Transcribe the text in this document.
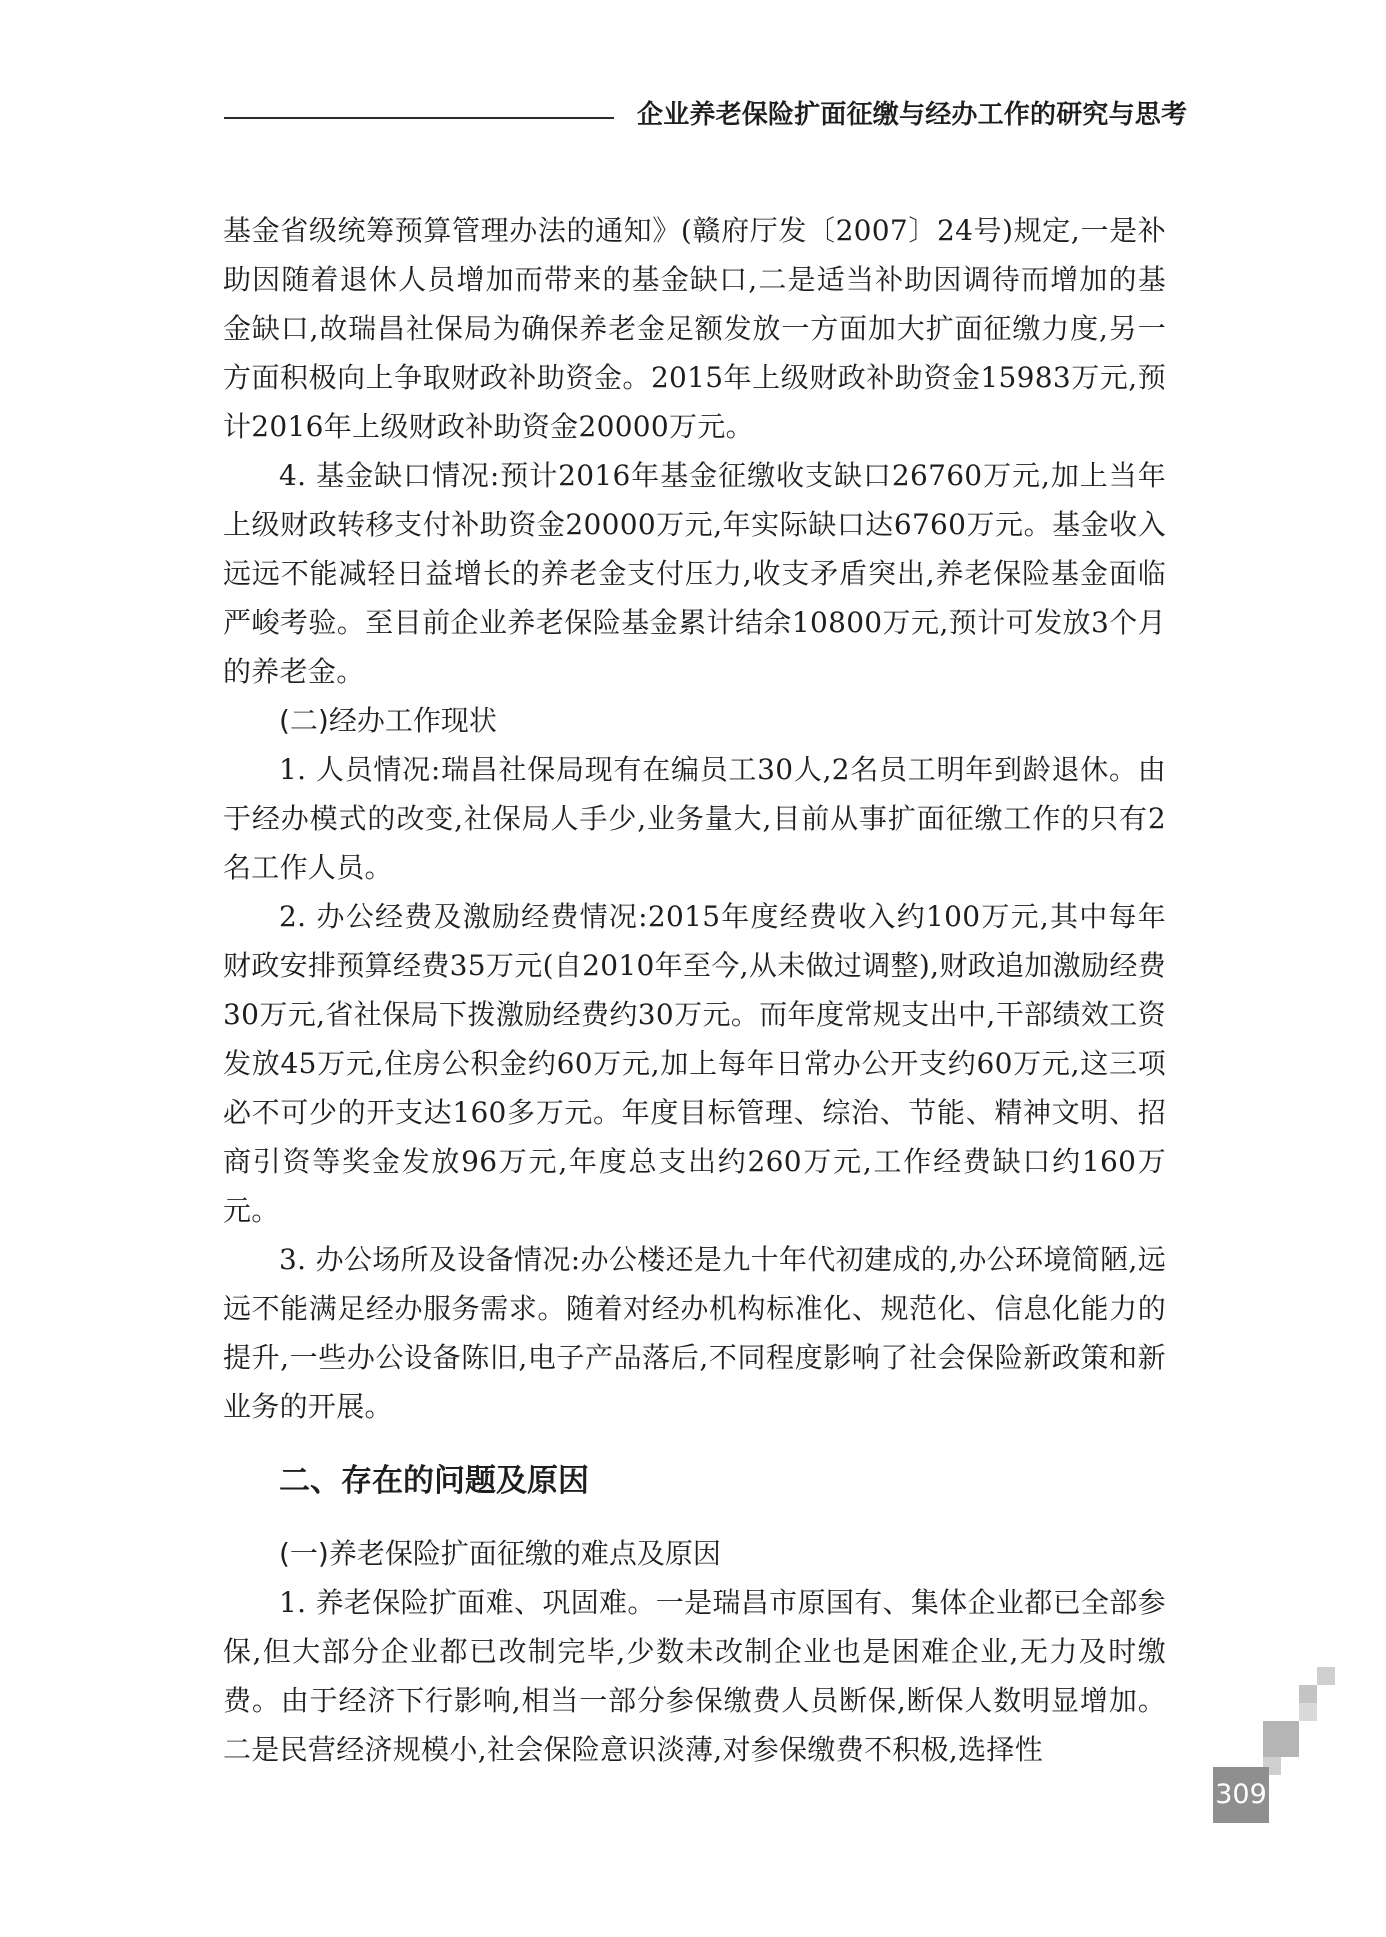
企业养老保险扩面征缴与经办工作的研究与思考

基金省级统筹预算管理办法的通知》(赣府厅发〔2007〕24号)规定,一是补助因随着退休人员增加而带来的基金缺口,二是适当补助因调待而增加的基金缺口,故瑞昌社保局为确保养老金足额发放一方面加大扩面征缴力度,另一方面积极向上争取财政补助资金。2015年上级财政补助资金15983万元,预计2016年上级财政补助资金20000万元。

4. 基金缺口情况:预计2016年基金征缴收支缺口26760万元,加上当年上级财政转移支付补助资金20000万元,年实际缺口达6760万元。基金收入远远不能减轻日益增长的养老金支付压力,收支矛盾突出,养老保险基金面临严峻考验。至目前企业养老保险基金累计结余10800万元,预计可发放3个月的养老金。

(二)经办工作现状

1. 人员情况:瑞昌社保局现有在编员工30人,2名员工明年到龄退休。由于经办模式的改变,社保局人手少,业务量大,目前从事扩面征缴工作的只有2名工作人员。

2. 办公经费及激励经费情况:2015年度经费收入约100万元,其中每年财政安排预算经费35万元(自2010年至今,从未做过调整),财政追加激励经费30万元,省社保局下拨激励经费约30万元。而年度常规支出中,干部绩效工资发放45万元,住房公积金约60万元,加上每年日常办公开支约60万元,这三项必不可少的开支达160多万元。年度目标管理、综治、节能、精神文明、招商引资等奖金发放96万元,年度总支出约260万元,工作经费缺口约160万元。

3. 办公场所及设备情况:办公楼还是九十年代初建成的,办公环境简陋,远远不能满足经办服务需求。随着对经办机构标准化、规范化、信息化能力的提升,一些办公设备陈旧,电子产品落后,不同程度影响了社会保险新政策和新业务的开展。

二、存在的问题及原因

(一)养老保险扩面征缴的难点及原因

1. 养老保险扩面难、巩固难。一是瑞昌市原国有、集体企业都已全部参保,但大部分企业都已改制完毕,少数未改制企业也是困难企业,无力及时缴费。由于经济下行影响,相当一部分参保缴费人员断保,断保人数明显增加。二是民营经济规模小,社会保险意识淡薄,对参保缴费不积极,选择性

309
